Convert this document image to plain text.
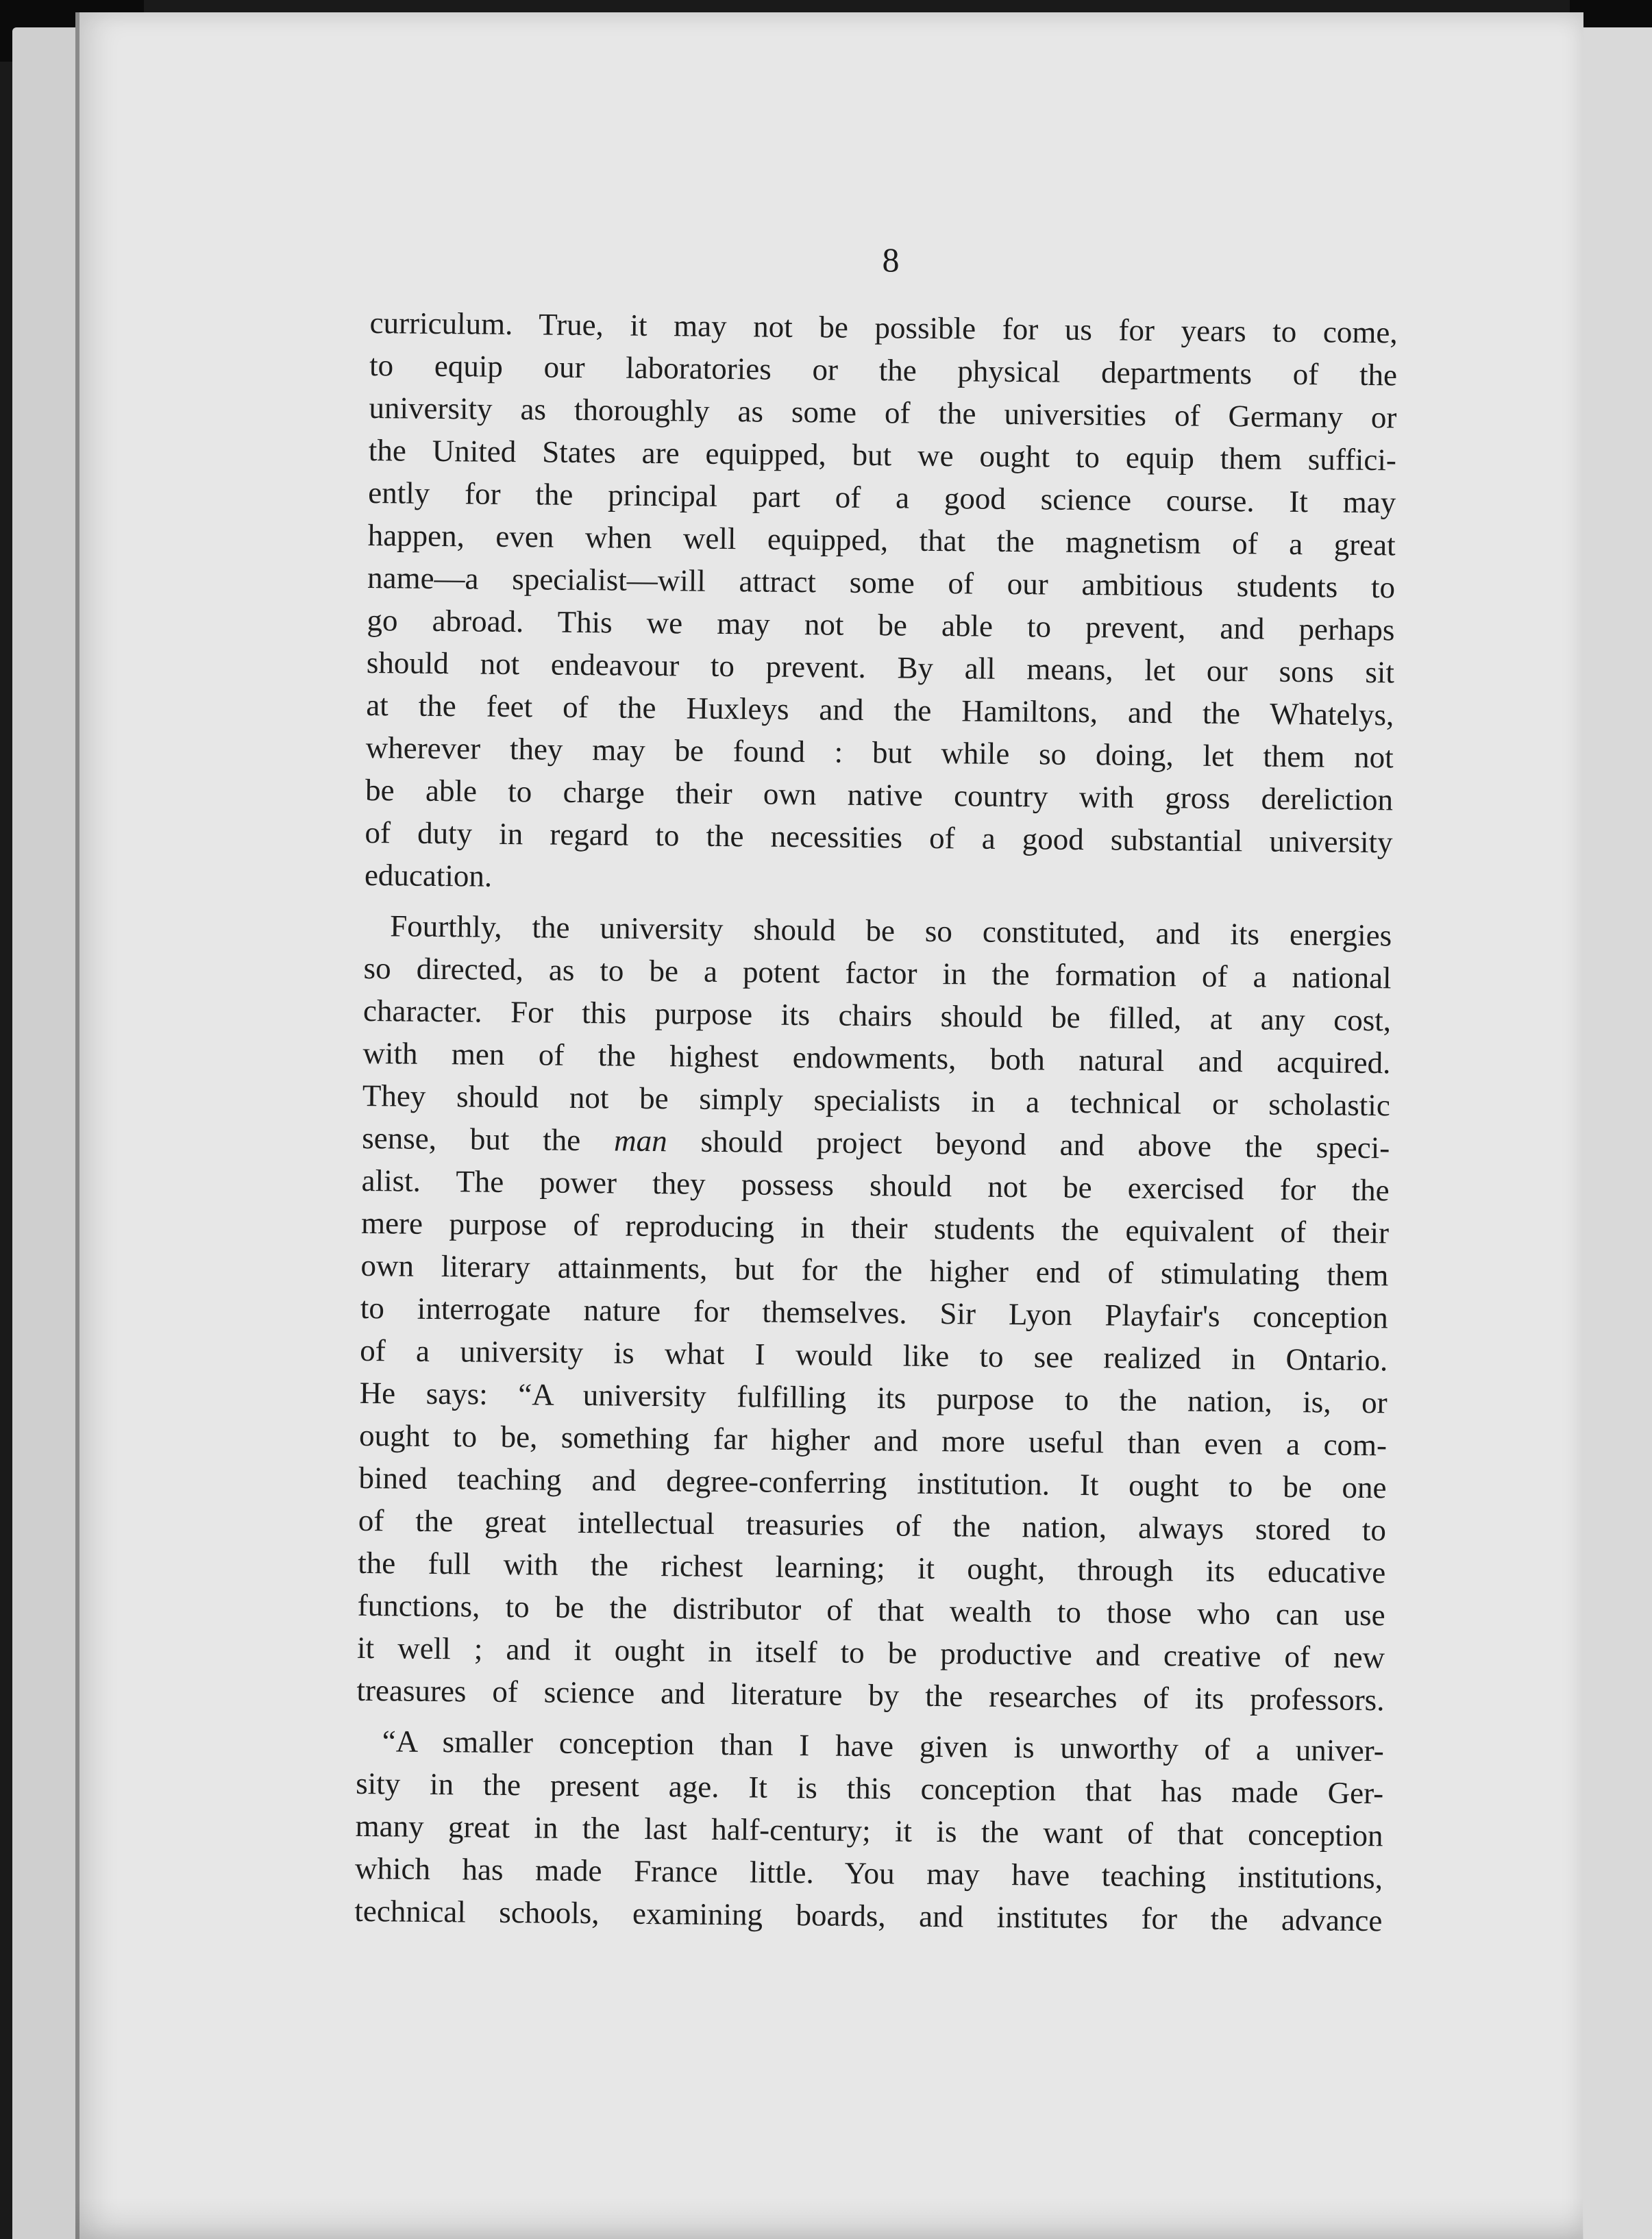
8
curriculum. True, it may not be possible for us for years to come,
to equip our laboratories or the physical departments of the
university as thoroughly as some of the universities of Germany or
the United States are equipped, but we ought to equip them suffici-
ently for the principal part of a good science course. It may
happen, even when well equipped, that the magnetism of a great
name—a specialist—will attract some of our ambitious students to
go abroad. This we may not be able to prevent, and perhaps
should not endeavour to prevent. By all means, let our sons sit
at the feet of the Huxleys and the Hamiltons, and the Whatelys,
wherever they may be found : but while so doing, let them not
be able to charge their own native country with gross dereliction
of duty in regard to the necessities of a good substantial university
education.
Fourthly, the university should be so constituted, and its energies
so directed, as to be a potent factor in the formation of a national
character. For this purpose its chairs should be filled, at any cost,
with men of the highest endowments, both natural and acquired.
They should not be simply specialists in a technical or scholastic
sense, but the man should project beyond and above the speci-
alist. The power they possess should not be exercised for the
mere purpose of reproducing in their students the equivalent of their
own literary attainments, but for the higher end of stimulating them
to interrogate nature for themselves. Sir Lyon Playfair's conception
of a university is what I would like to see realized in Ontario.
He says: “A university fulfilling its purpose to the nation, is, or
ought to be, something far higher and more useful than even a com-
bined teaching and degree-conferring institution. It ought to be one
of the great intellectual treasuries of the nation, always stored to
the full with the richest learning; it ought, through its educative
functions, to be the distributor of that wealth to those who can use
it well ; and it ought in itself to be productive and creative of new
treasures of science and literature by the researches of its professors.
“A smaller conception than I have given is unworthy of a univer-
sity in the present age. It is this conception that has made Ger-
many great in the last half-century; it is the want of that conception
which has made France little. You may have teaching institutions,
technical schools, examining boards, and institutes for the advance
